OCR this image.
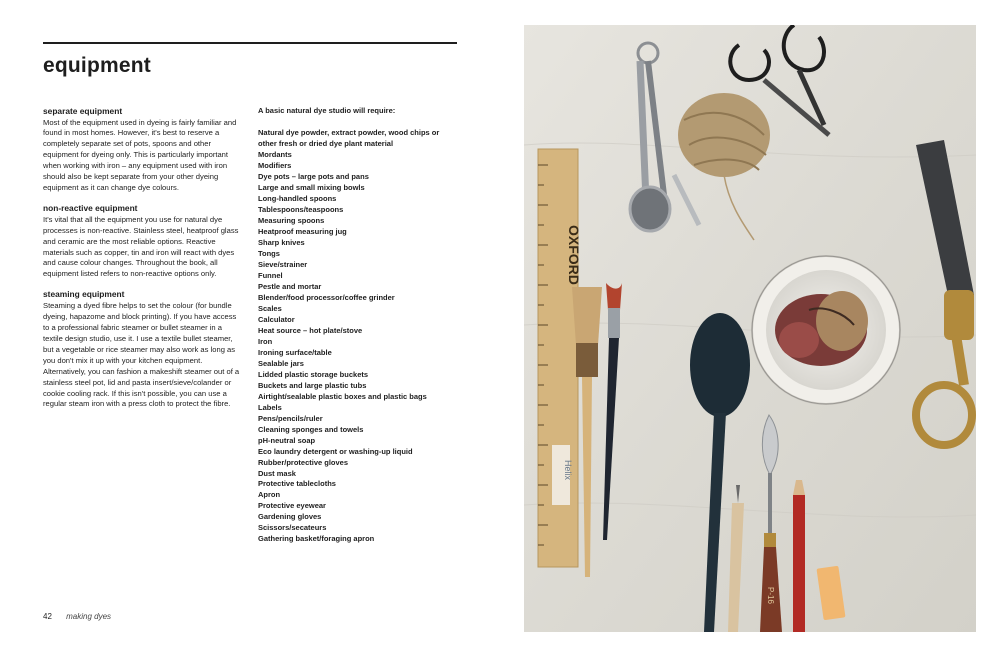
equipment
separate equipment

Most of the equipment used in dyeing is fairly familiar and found in most homes. However, it's best to reserve a completely separate set of pots, spoons and other equipment for dyeing only. This is particularly important when working with iron – any equipment used with iron should also be kept separate from your other dyeing equipment as it can change dye colours.

non-reactive equipment

It's vital that all the equipment you use for natural dye processes is non-reactive. Stainless steel, heatproof glass and ceramic are the most reliable options. Reactive materials such as copper, tin and iron will react with dyes and cause colour changes. Throughout the book, all equipment listed refers to non-reactive options only.

steaming equipment

Steaming a dyed fibre helps to set the colour (for bundle dyeing, hapazome and block printing). If you have access to a professional fabric steamer or bullet steamer in a textile design studio, use it. I use a textile bullet steamer, but a vegetable or rice steamer may also work as long as you don't mix it up with your kitchen equipment. Alternatively, you can fashion a makeshift steamer out of a stainless steel pot, lid and pasta insert/sieve/colander or cookie cooling rack. If this isn't possible, you can use a regular steam iron with a press cloth to protect the fibre.

A basic natural dye studio will require:

Natural dye powder, extract powder, wood chips or other fresh or dried dye plant material
Mordants
Modifiers
Dye pots – large pots and pans
Large and small mixing bowls
Long-handled spoons
Tablespoons/teaspoons
Measuring spoons
Heatproof measuring jug
Sharp knives
Tongs
Sieve/strainer
Funnel
Pestle and mortar
Blender/food processor/coffee grinder
Scales
Calculator
Heat source – hot plate/stove
Iron
Ironing surface/table
Sealable jars
Lidded plastic storage buckets
Buckets and large plastic tubs
Airtight/sealable plastic boxes and plastic bags
Labels
Pens/pencils/ruler
Cleaning sponges and towels
pH-neutral soap
Eco laundry detergent or washing-up liquid
Rubber/protective gloves
Dust mask
Protective tablecloths
Apron
Protective eyewear
Gardening gloves
Scissors/secateurs
Gathering basket/foraging apron
42 making dyes
OXFORD
Helix
P-16
